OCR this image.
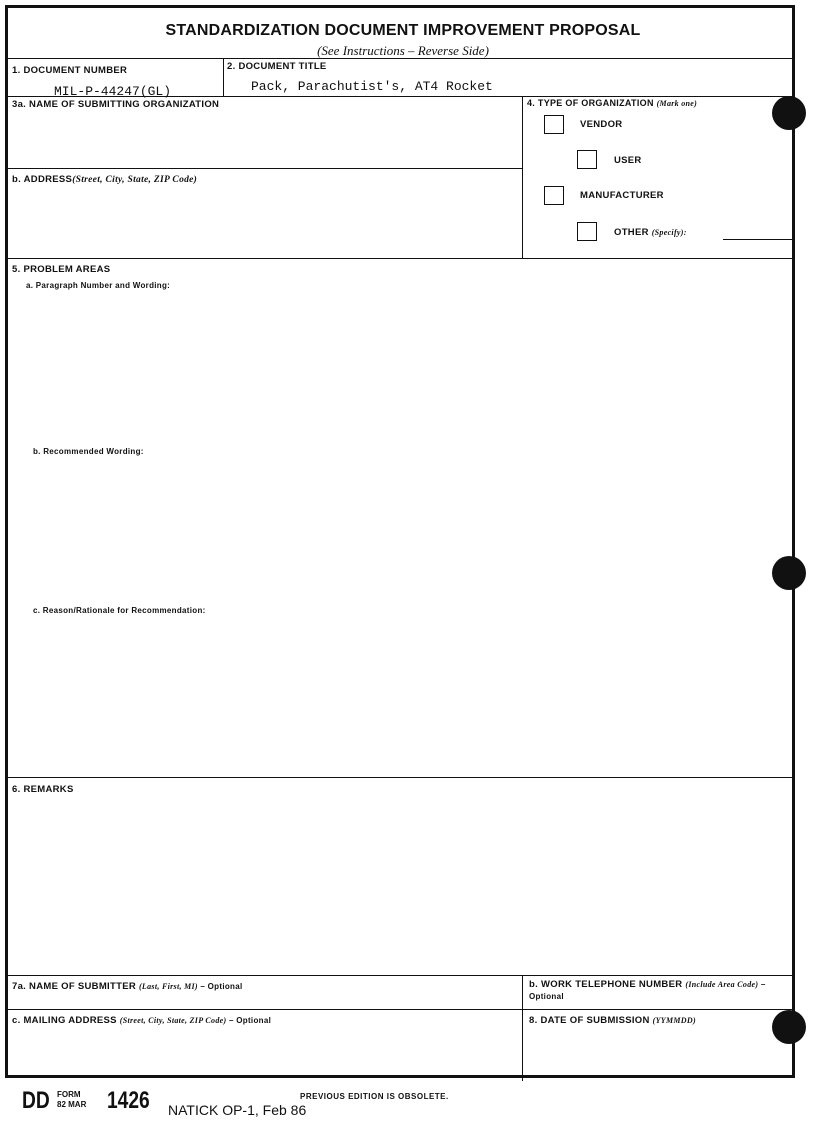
STANDARDIZATION DOCUMENT IMPROVEMENT PROPOSAL
(See Instructions – Reverse Side)
1. DOCUMENT NUMBER
MIL-P-44247(GL)
2. DOCUMENT TITLE
Pack, Parachutist's, AT4 Rocket
3a. NAME OF SUBMITTING ORGANIZATION
b. ADDRESS(Street, City, State, ZIP Code)
4. TYPE OF ORGANIZATION (Mark one)
VENDOR
USER
MANUFACTURER
OTHER (Specify):
5. PROBLEM AREAS
a. Paragraph Number and Wording:
b. Recommended Wording:
c. Reason/Rationale for Recommendation:
6. REMARKS
7a. NAME OF SUBMITTER (Last, First, MI) – Optional	b. WORK TELEPHONE NUMBER (Include Area Code) – Optional
c. MAILING ADDRESS (Street, City, State, ZIP Code) – Optional	8. DATE OF SUBMISSION (YYMMDD)
DD FORM
82 MAR 1426	PREVIOUS EDITION IS OBSOLETE.
NATICK OP-1, Feb 86
